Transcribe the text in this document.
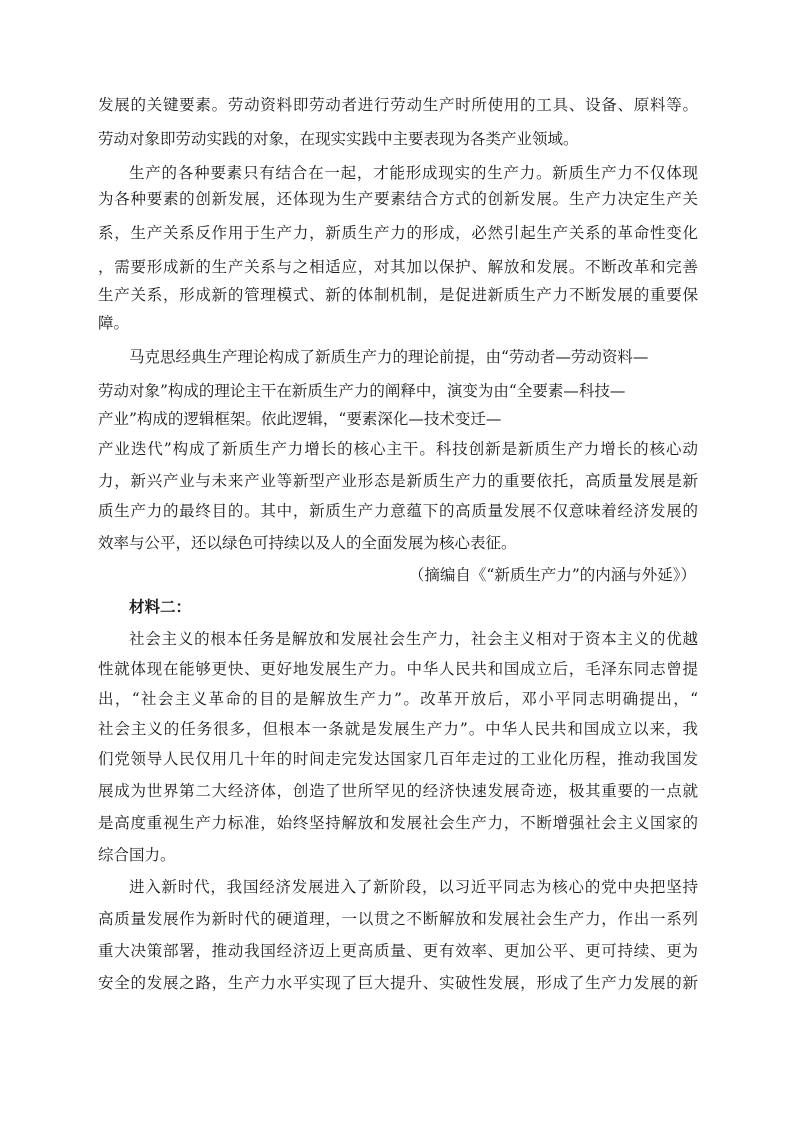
发展的关键要素。劳动资料即劳动者进行劳动生产时所使用的工具、设备、原料等。
劳动对象即劳动实践的对象，在现实实践中主要表现为各类产业领域。
生产的各种要素只有结合在一起，才能形成现实的生产力。新质生产力不仅体现
为各种要素的创新发展，还体现为生产要素结合方式的创新发展。生产力决定生产关
系，生产关系反作用于生产力，新质生产力的形成，必然引起生产关系的革命性变化
，需要形成新的生产关系与之相适应，对其加以保护、解放和发展。不断改革和完善
生产关系，形成新的管理模式、新的体制机制，是促进新质生产力不断发展的重要保
障。
马克思经典生产理论构成了新质生产力的理论前提，由“劳动者—劳动资料—
劳动对象”构成的理论主干在新质生产力的阐释中，演变为由“全要素—科技—
产业”构成的逻辑框架。依此逻辑，“要素深化—技术变迁—
产业迭代”构成了新质生产力增长的核心主干。科技创新是新质生产力增长的核心动
力，新兴产业与未来产业等新型产业形态是新质生产力的重要依托，高质量发展是新
质生产力的最终目的。其中，新质生产力意蕴下的高质量发展不仅意味着经济发展的
效率与公平，还以绿色可持续以及人的全面发展为核心表征。
（摘编自《“新质生产力”的内涵与外延》）
材料二：
社会主义的根本任务是解放和发展社会生产力，社会主义相对于资本主义的优越
性就体现在能够更快、更好地发展生产力。中华人民共和国成立后，毛泽东同志曾提
出，“社会主义革命的目的是解放生产力”。改革开放后，邓小平同志明确提出，“
社会主义的任务很多，但根本一条就是发展生产力”。中华人民共和国成立以来，我
们党领导人民仅用几十年的时间走完发达国家几百年走过的工业化历程，推动我国发
展成为世界第二大经济体，创造了世所罕见的经济快速发展奇迹，极其重要的一点就
是高度重视生产力标准，始终坚持解放和发展社会生产力，不断增强社会主义国家的
综合国力。
进入新时代，我国经济发展进入了新阶段，以习近平同志为核心的党中央把坚持
高质量发展作为新时代的硬道理，一以贯之不断解放和发展社会生产力，作出一系列
重大决策部署，推动我国经济迈上更高质量、更有效率、更加公平、更可持续、更为
安全的发展之路，生产力水平实现了巨大提升、实破性发展，形成了生产力发展的新
